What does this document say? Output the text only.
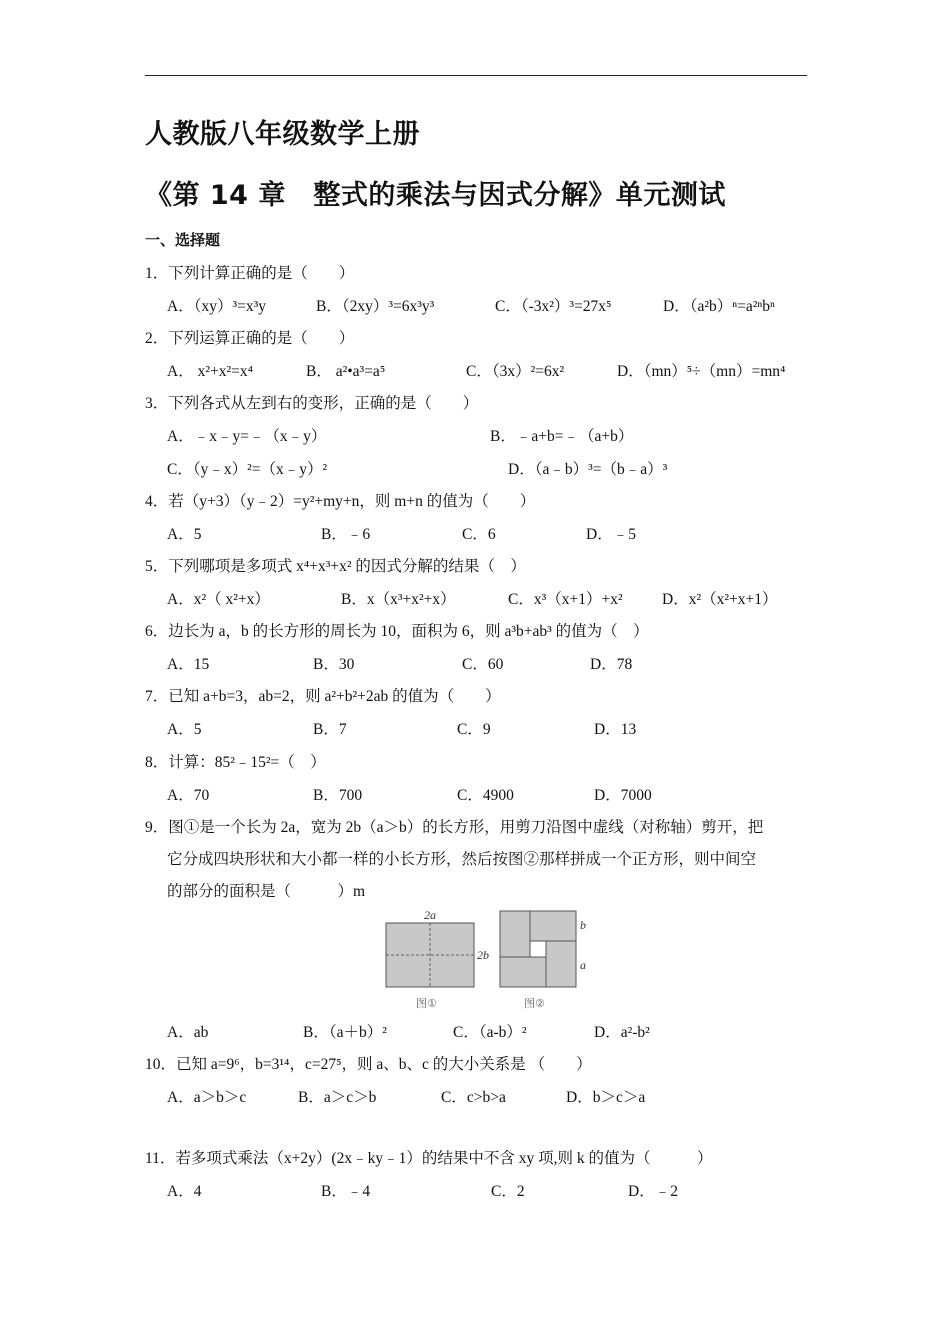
人教版八年级数学上册
《第 14 章　整式的乘法与因式分解》单元测试
一、选择题
1．下列计算正确的是（　　）
A．（xy）³=x³y	B．（2xy）³=6x³y³	C．（-3x²）³=27x⁵	D．（a²b）ⁿ=a²ⁿbⁿ
2．下列运算正确的是（　　）
A． x²+x²=x⁴	B． a²•a³=a⁵	C．（3x）²=6x²	D．（mn）⁵÷（mn）=mn⁴
3．下列各式从左到右的变形，正确的是（　　）
A．﹣x﹣y=﹣（x﹣y）	B．﹣a+b=﹣（a+b）
C．（y﹣x）²=（x﹣y）²	D．（a﹣b）³=（b﹣a）³
4．若（y+3）（y﹣2）=y²+my+n，则 m+n 的值为（　　）
A．5	B．﹣6	C．6	D．﹣5
5．下列哪项是多项式 x⁴+x³+x² 的因式分解的结果（　）
A．x²（ x²+x）	B．x（x³+x²+x）	C．x³（x+1）+x²	D．x²（x²+x+1）
6．边长为 a，b 的长方形的周长为 10，面积为 6，则 a³b+ab³ 的值为（　）
A．15	B．30	C．60	D．78
7．已知 a+b=3，ab=2，则 a²+b²+2ab 的值为（　　）
A．5	B．7	C．9	D．13
8．计算：85²﹣15²=（　）
A．70	B．700	C．4900	D．7000
9．图①是一个长为 2a，宽为 2b（a＞b）的长方形，用剪刀沿图中虚线（对称轴）剪开，把
它分成四块形状和大小都一样的小长方形，然后按图②那样拼成一个正方形，则中间空
的部分的面积是（　　　）m
2a
2b
图①
b
a
图②
A．ab	B．（a＋b）²	C．（a-b）²	D．a²-b²
10．已知 a=9⁶，b=3¹⁴，c=27⁵，则 a、b、c 的大小关系是 （　　）
A．a＞b＞c	B．a＞c＞b	C．c>b>a	D．b＞c＞a
11．若多项式乘法（x+2y）(2x﹣ky﹣1）的结果中不含 xy 项,则 k 的值为（　　　）
A．4	B．﹣4	C．2	D．﹣2
